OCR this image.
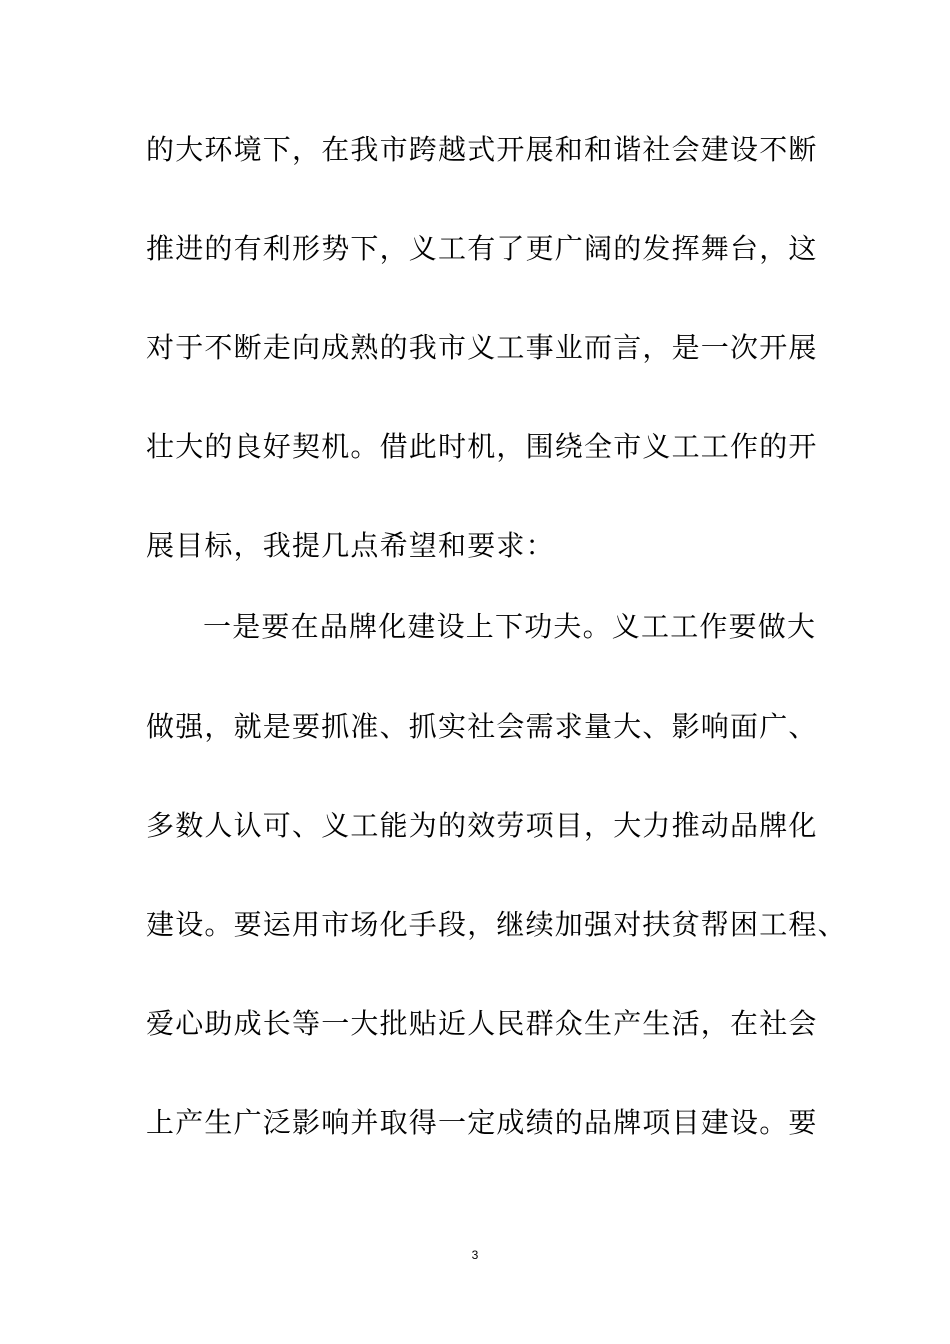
的大环境下，在我市跨越式开展和和谐社会建设不断

推进的有利形势下，义工有了更广阔的发挥舞台，这

对于不断走向成熟的我市义工事业而言，是一次开展

壮大的良好契机。借此时机，围绕全市义工工作的开

展目标，我提几点希望和要求：

一是要在品牌化建设上下功夫。义工工作要做大

做强，就是要抓准、抓实社会需求量大、影响面广、

多数人认可、义工能为的效劳项目，大力推动品牌化

建设。要运用市场化手段，继续加强对扶贫帮困工程、

爱心助成长等一大批贴近人民群众生产生活，在社会

上产生广泛影响并取得一定成绩的品牌项目建设。要

3
